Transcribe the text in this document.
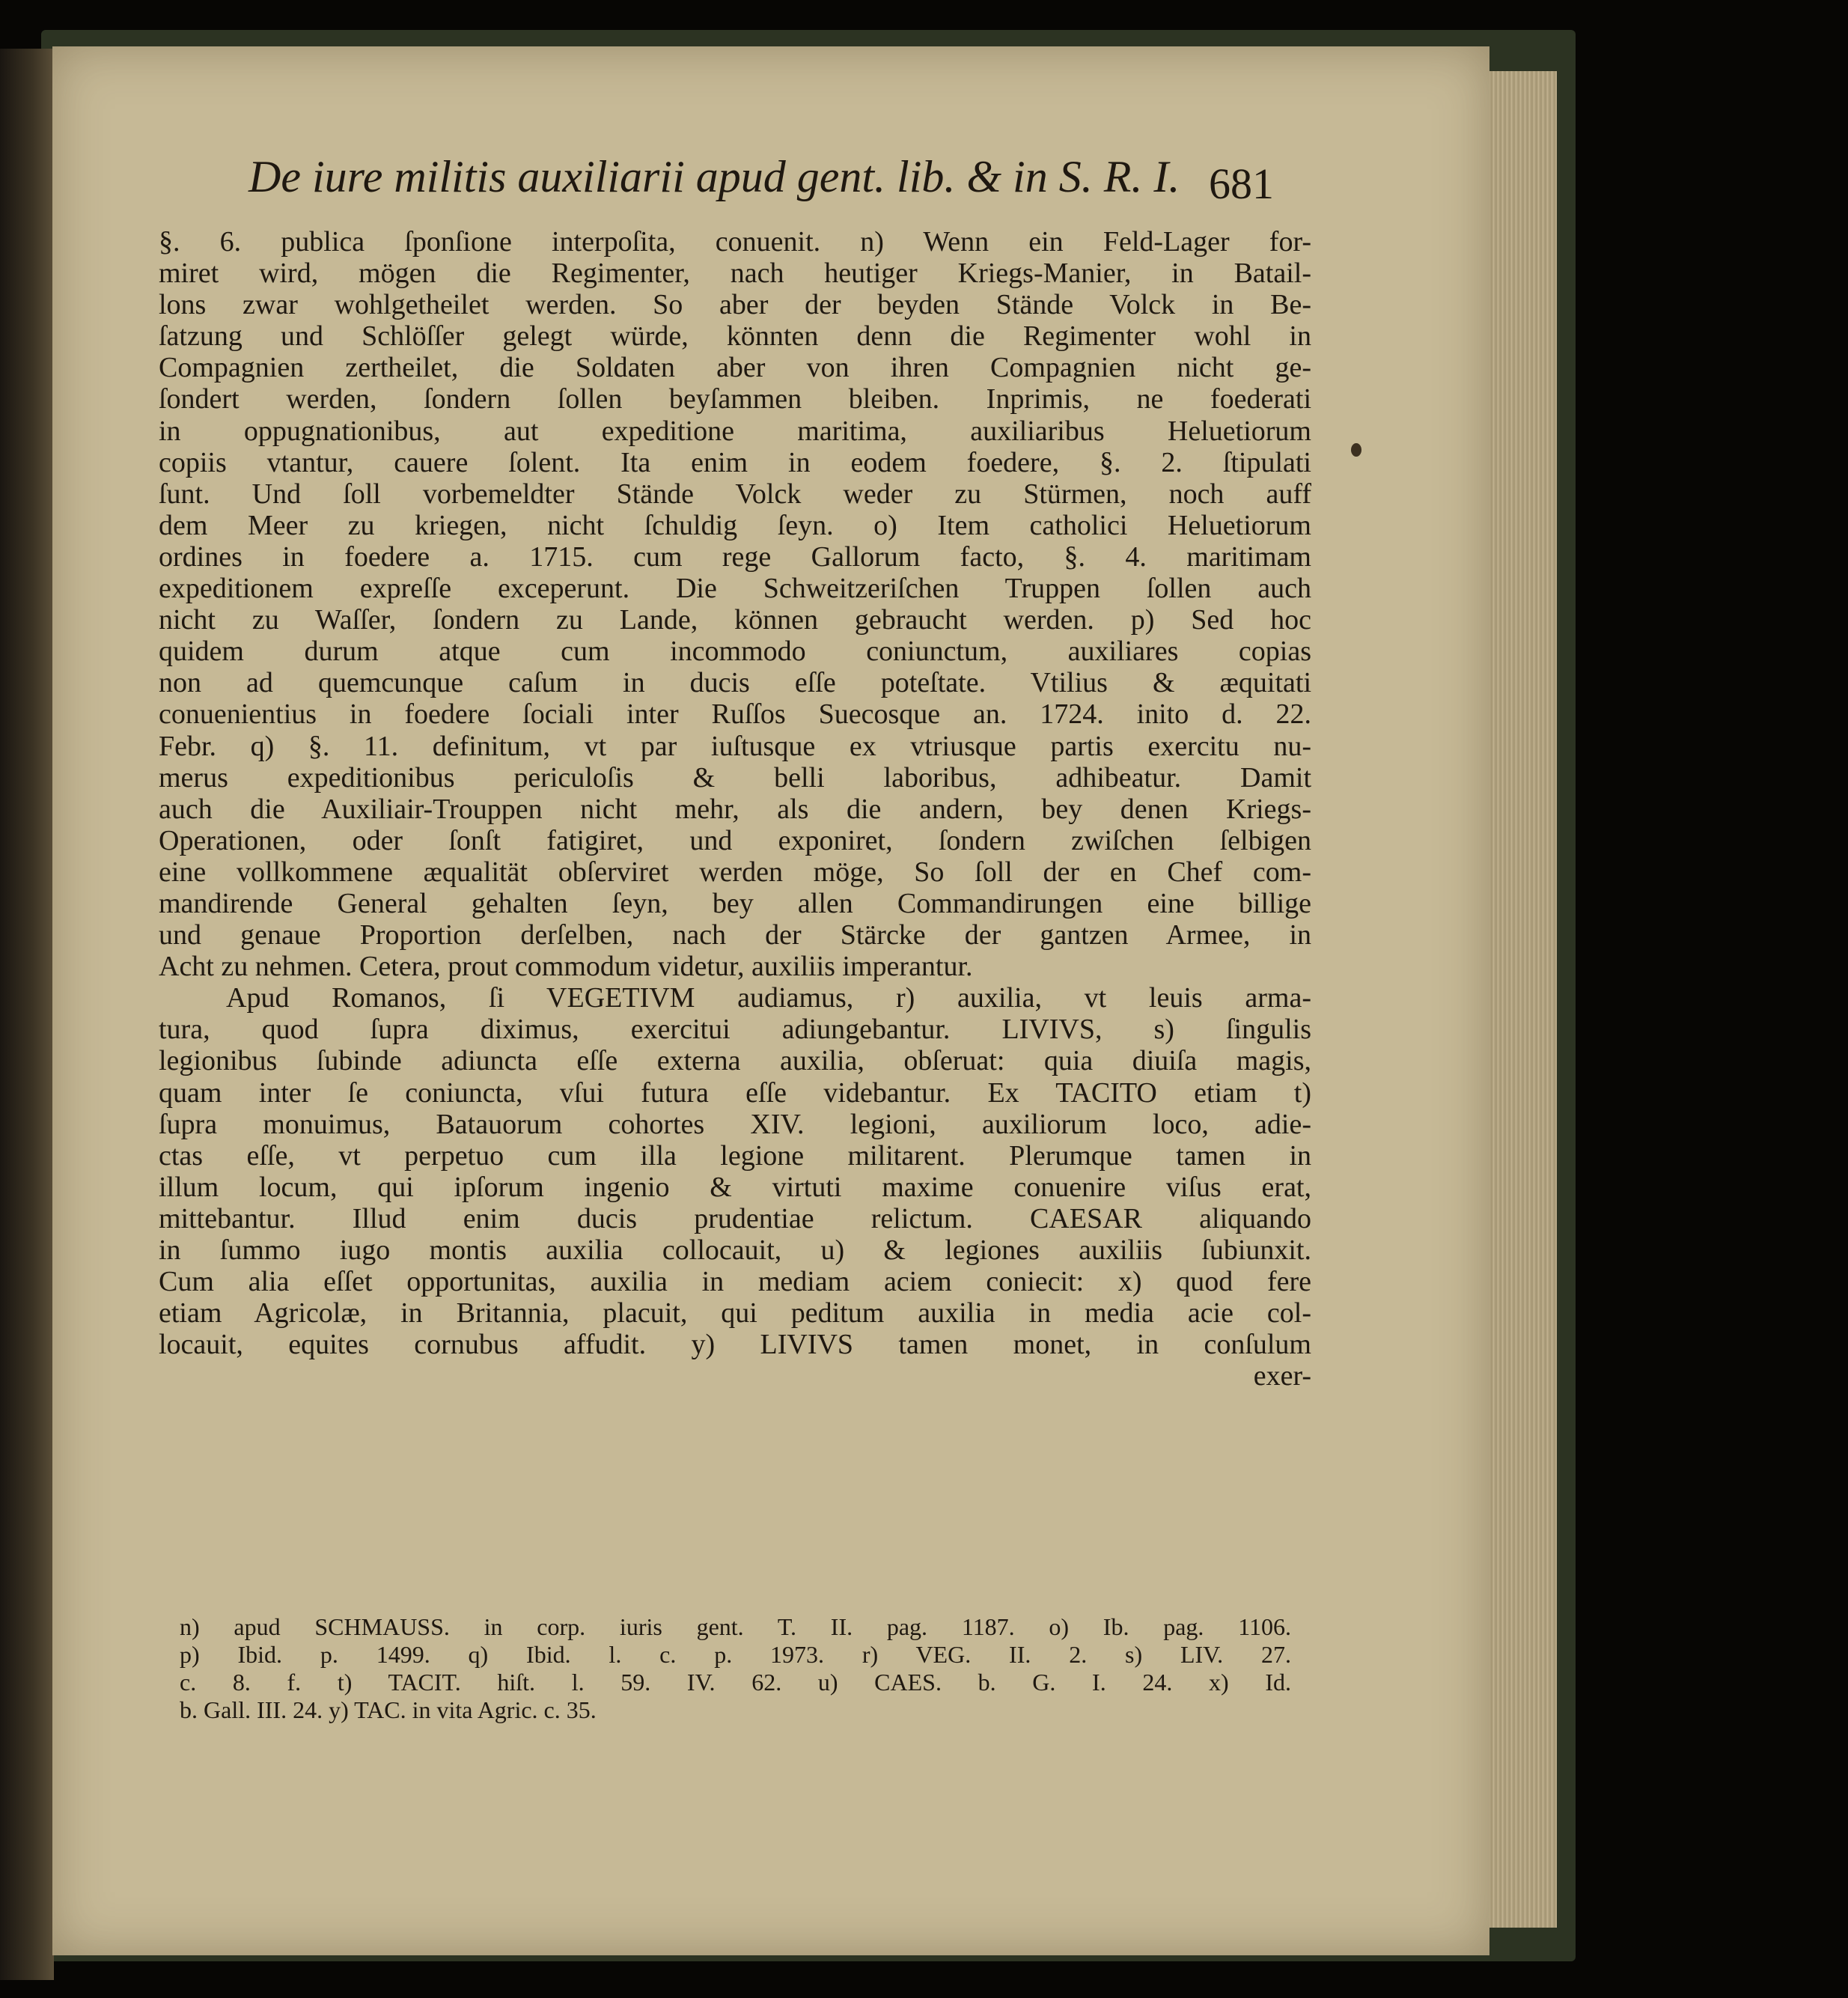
De iure militis auxiliarii apud gent. lib. & in S. R. I. 681
§. 6. publica ſponſione interpoſita, conuenit. n) Wenn ein Feld-Lager for-
miret wird, mögen die Regimenter, nach heutiger Kriegs-Manier, in Batail-
lons zwar wohlgetheilet werden. So aber der beyden Stände Volck in Be-
ſatzung und Schlöſſer gelegt würde, könnten denn die Regimenter wohl in
Compagnien zertheilet, die Soldaten aber von ihren Compagnien nicht ge-
ſondert werden, ſondern ſollen beyſammen bleiben. Inprimis, ne foederati
in oppugnationibus, aut expeditione maritima, auxiliaribus Heluetiorum
copiis vtantur, cauere ſolent. Ita enim in eodem foedere, §. 2. ſtipulati
ſunt. Und ſoll vorbemeldter Stände Volck weder zu Stürmen, noch auff
dem Meer zu kriegen, nicht ſchuldig ſeyn. o) Item catholici Heluetiorum
ordines in foedere a. 1715. cum rege Gallorum facto, §. 4. maritimam
expeditionem expreſſe exceperunt. Die Schweitzeriſchen Truppen ſollen auch
nicht zu Waſſer, ſondern zu Lande, können gebraucht werden. p) Sed hoc
quidem durum atque cum incommodo coniunctum, auxiliares copias
non ad quemcunque caſum in ducis eſſe poteſtate. Vtilius & æquitati
conuenientius in foedere ſociali inter Ruſſos Suecosque an. 1724. inito d. 22.
Febr. q) §. 11. definitum, vt par iuſtusque ex vtriusque partis exercitu nu-
merus expeditionibus periculoſis & belli laboribus, adhibeatur. Damit
auch die Auxiliair-Trouppen nicht mehr, als die andern, bey denen Kriegs-
Operationen, oder ſonſt fatigiret, und exponiret, ſondern zwiſchen ſelbigen
eine vollkommene æqualität obſerviret werden möge, So ſoll der en Chef com-
mandirende General gehalten ſeyn, bey allen Commandirungen eine billige
und genaue Proportion derſelben, nach der Stärcke der gantzen Armee, in
Acht zu nehmen. Cetera, prout commodum videtur, auxiliis imperantur.
Apud Romanos, ſi VEGETIVM audiamus, r) auxilia, vt leuis arma-
tura, quod ſupra diximus, exercitui adiungebantur. LIVIVS, s) ſingulis
legionibus ſubinde adiuncta eſſe externa auxilia, obſeruat: quia diuiſa magis,
quam inter ſe coniuncta, vſui futura eſſe videbantur. Ex TACITO etiam t)
ſupra monuimus, Batauorum cohortes XIV. legioni, auxiliorum loco, adie-
ctas eſſe, vt perpetuo cum illa legione militarent. Plerumque tamen in
illum locum, qui ipſorum ingenio & virtuti maxime conuenire viſus erat,
mittebantur. Illud enim ducis prudentiae relictum. CAESAR aliquando
in ſummo iugo montis auxilia collocauit, u) & legiones auxiliis ſubiunxit.
Cum alia eſſet opportunitas, auxilia in mediam aciem coniecit: x) quod fere
etiam Agricolæ, in Britannia, placuit, qui peditum auxilia in media acie col-
locauit, equites cornubus affudit. y) LIVIVS tamen monet, in conſulum
exer-
n) apud SCHMAUSS. in corp. iuris gent. T. II. pag. 1187. o) Ib. pag. 1106.
p) Ibid. p. 1499. q) Ibid. l. c. p. 1973. r) VEG. II. 2. s) LIV. 27.
c. 8. f. t) TACIT. hiſt. l. 59. IV. 62. u) CAES. b. G. I. 24. x) Id.
b. Gall. III. 24. y) TAC. in vita Agric. c. 35.
